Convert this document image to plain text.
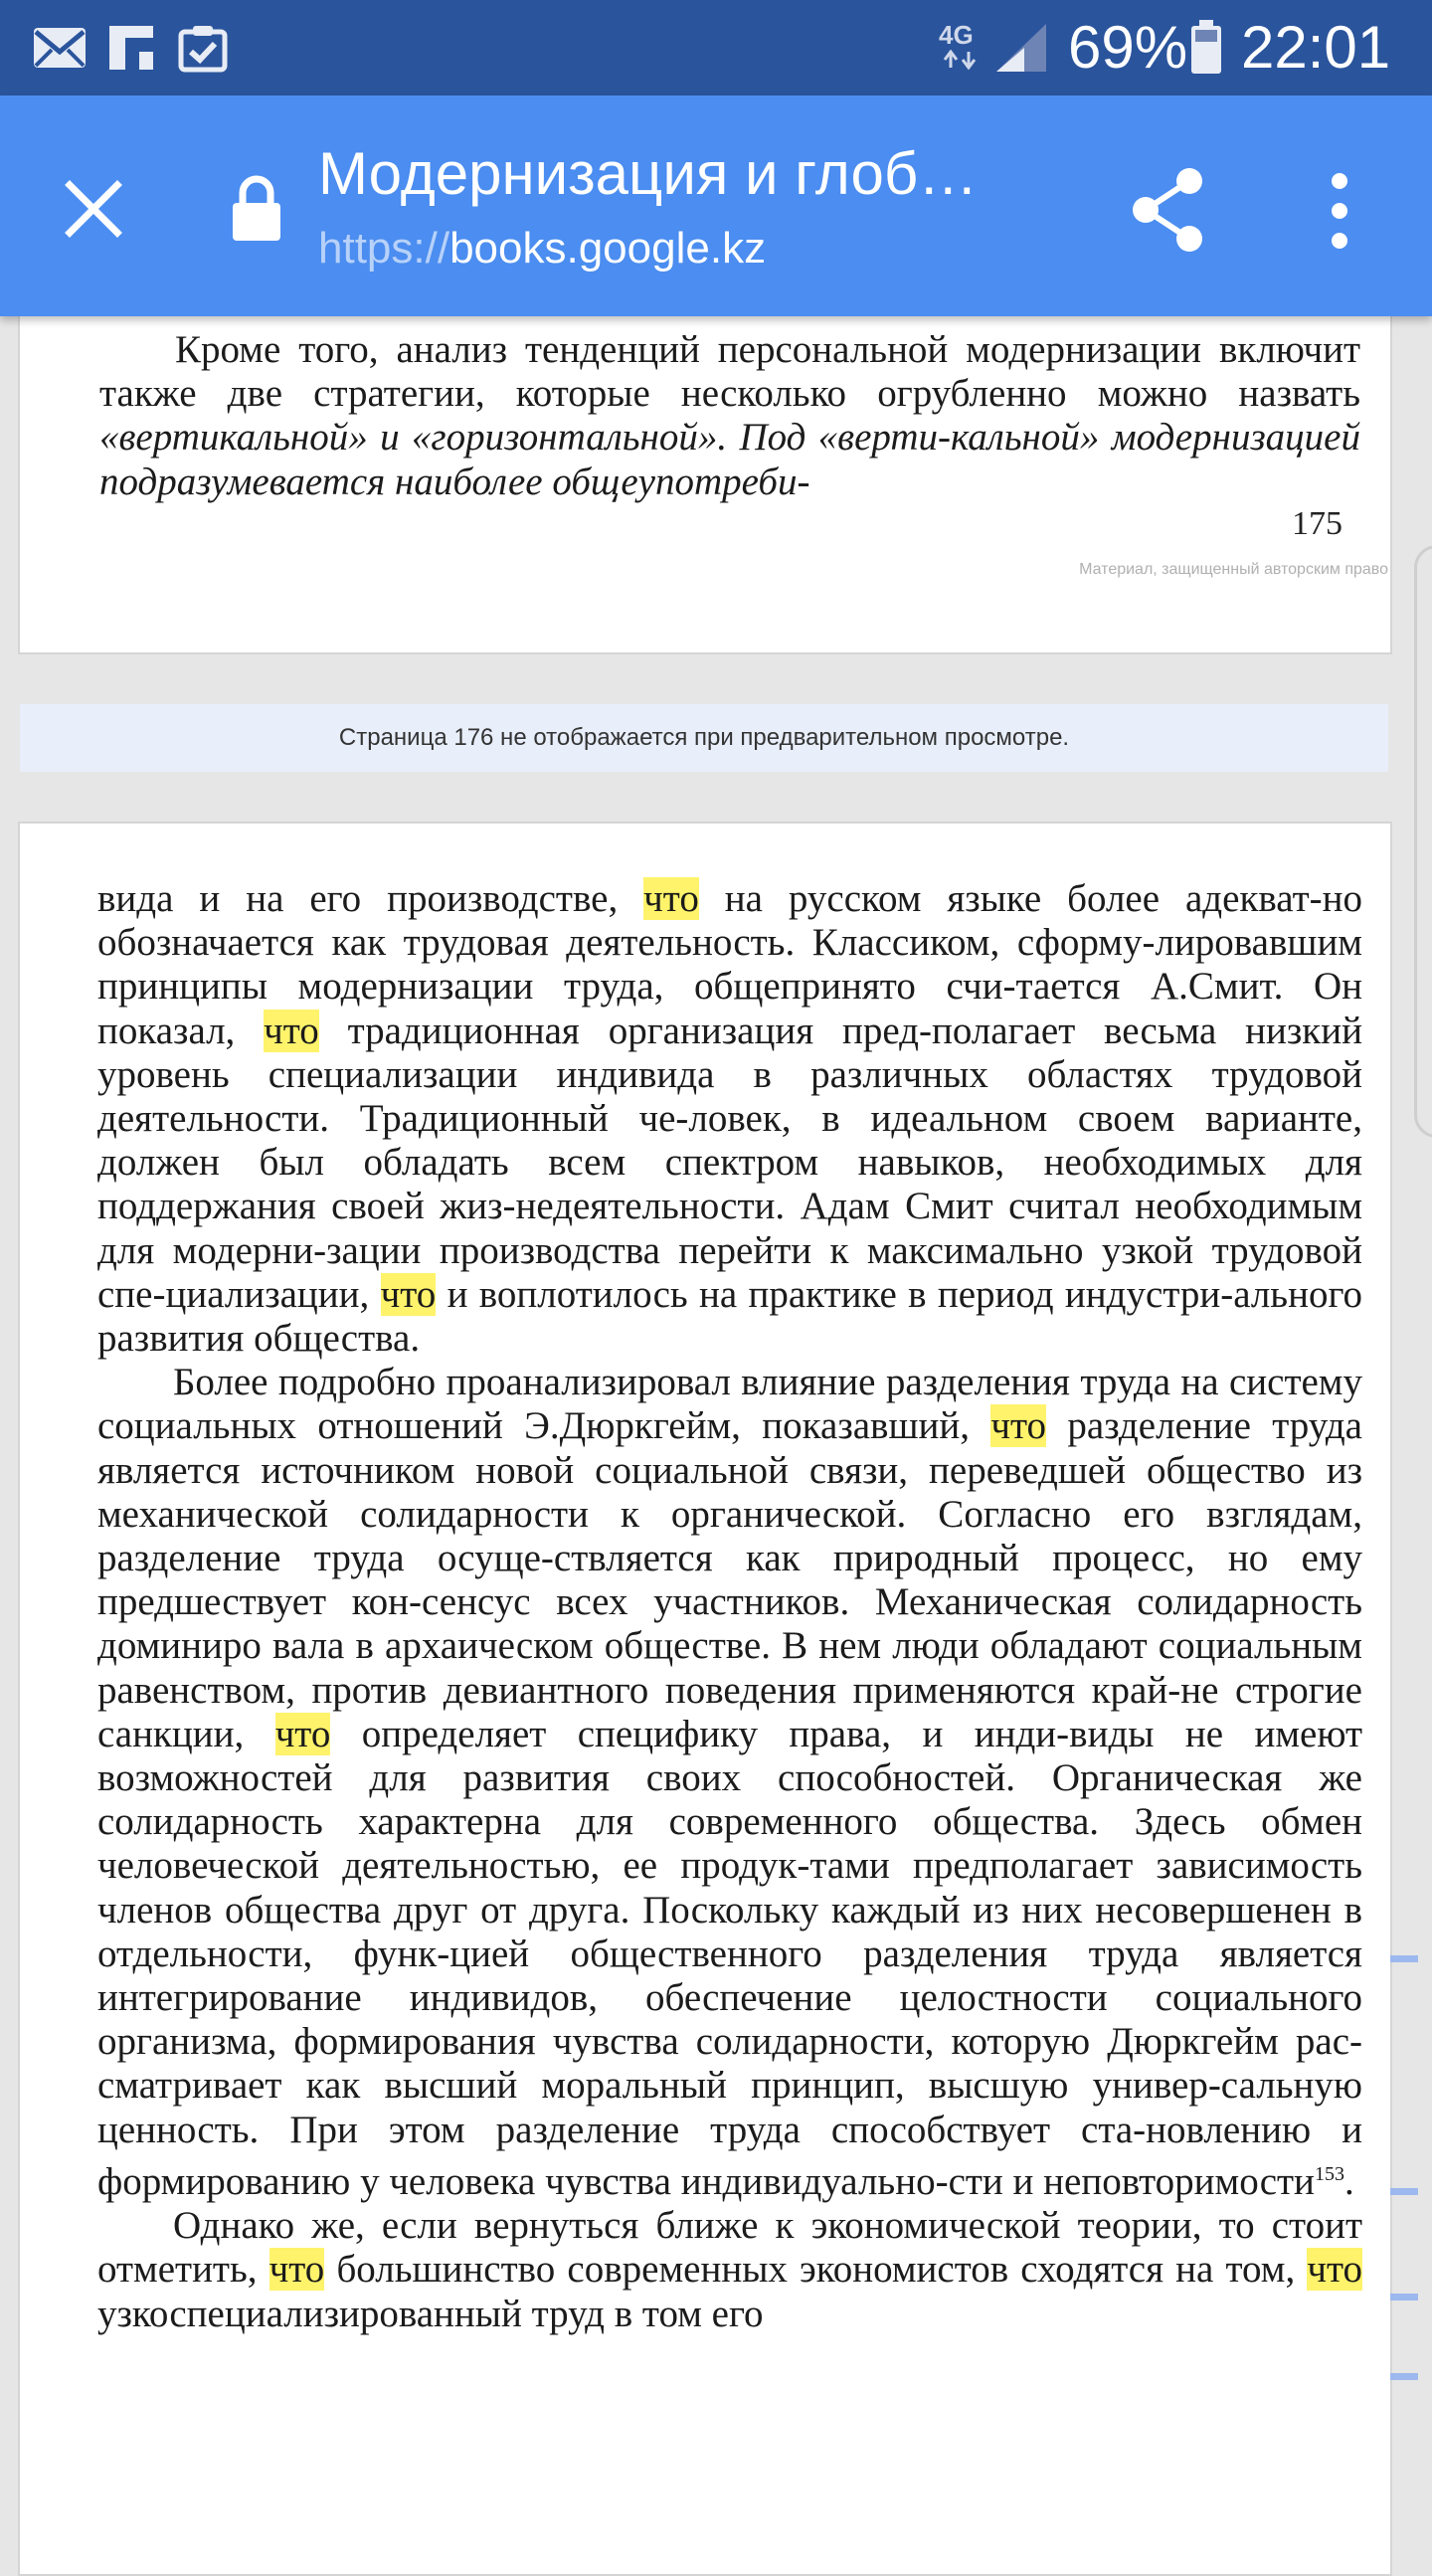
4G 69% 22:01
Модернизация и глоб…
https://books.google.kz

Кроме того, анализ тенденций персональной модернизации включит также две стратегии, которые несколько огрубленно можно назвать «вертикальной» и «горизонтальной». Под «верти-кальной» модернизацией подразумевается наиболее общеупотреби-

175
Материал, защищенный авторским право
Страница 176 не отображается при предварительном просмотре.

вида и на его производстве, что на русском языке более адекват-но обозначается как трудовая деятельность. Классиком, сформу-лировавшим принципы модернизации труда, общепринято счи-тается А.Смит. Он показал, что традиционная организация пред-полагает весьма низкий уровень специализации индивида в различных областях трудовой деятельности. Традиционный че-ловек, в идеальном своем варианте, должен был обладать всем спектром навыков, необходимых для поддержания своей жиз-недеятельности. Адам Смит считал необходимым для модерни-зации производства перейти к максимально узкой трудовой спе-циализации, что и воплотилось на практике в период индустри-ального развития общества.

Более подробно проанализировал влияние разделения труда на систему социальных отношений Э.Дюркгейм, показавший, что разделение труда является источником новой социальной связи, переведшей общество из механической солидарности к органической. Согласно его взглядам, разделение труда осуще-ствляется как природный процесс, но ему предшествует кон-сенсус всех участников. Механическая солидарность доминиро вала в архаическом обществе. В нем люди обладают социальным равенством, против девиантного поведения применяются край-не строгие санкции, что определяет специфику права, и инди-виды не имеют возможностей для развития своих способностей. Органическая же солидарность характерна для современного общества. Здесь обмен человеческой деятельностью, ее продук-тами предполагает зависимость членов общества друг от друга. Поскольку каждый из них несовершенен в отдельности, функ-цией общественного разделения труда является интегрирование индивидов, обеспечение целостности социального организма, формирования чувства солидарности, которую Дюркгейм рас-сматривает как высший моральный принцип, высшую универ-сальную ценность. При этом разделение труда способствует ста-новлению и формированию у человека чувства индивидуально-сти и неповторимости$^{153}$.

Однако же, если вернуться ближе к экономической теории, то стоит отметить, что большинство современных экономистов сходятся на том, что узкоспециализированный труд в том его
